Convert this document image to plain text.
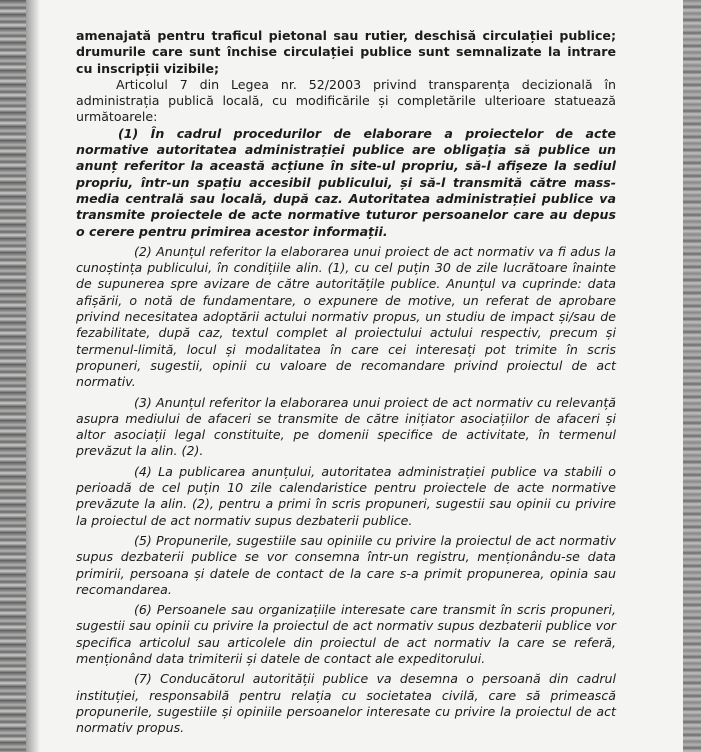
amenajată pentru traficul pietonal sau rutier, deschisă circulației publice; drumurile care sunt închise circulației publice sunt semnalizate la intrare cu inscripții vizibile;

Articolul 7 din Legea nr. 52/2003 privind transparența decizională în administrația publică locală, cu modificările și completările ulterioare statuează următoarele:

(1) În cadrul procedurilor de elaborare a proiectelor de acte normative autoritatea administrației publice are obligația să publice un anunț referitor la această acțiune în site-ul propriu, să-l afișeze la sediul propriu, într-un spațiu accesibil publicului, și să-l transmită către mass-media centrală sau locală, după caz. Autoritatea administrației publice va transmite proiectele de acte normative tuturor persoanelor care au depus o cerere pentru primirea acestor informații.

(2) Anunțul referitor la elaborarea unui proiect de act normativ va fi adus la cunoștința publicului, în condițiile alin. (1), cu cel puțin 30 de zile lucrătoare înainte de supunerea spre avizare de către autoritățile publice. Anunțul va cuprinde: data afișării, o notă de fundamentare, o expunere de motive, un referat de aprobare privind necesitatea adoptării actului normativ propus, un studiu de impact și/sau de fezabilitate, după caz, textul complet al proiectului actului respectiv, precum și termenul-limită, locul și modalitatea în care cei interesați pot trimite în scris propuneri, sugestii, opinii cu valoare de recomandare privind proiectul de act normativ.

(3) Anunțul referitor la elaborarea unui proiect de act normativ cu relevanță asupra mediului de afaceri se transmite de către inițiator asociațiilor de afaceri și altor asociații legal constituite, pe domenii specifice de activitate, în termenul prevăzut la alin. (2).

(4) La publicarea anunțului, autoritatea administrației publice va stabili o perioadă de cel puțin 10 zile calendaristice pentru proiectele de acte normative prevăzute la alin. (2), pentru a primi în scris propuneri, sugestii sau opinii cu privire la proiectul de act normativ supus dezbaterii publice.

(5) Propunerile, sugestiile sau opiniile cu privire la proiectul de act normativ supus dezbaterii publice se vor consemna într-un registru, menționându-se data primirii, persoana și datele de contact de la care s-a primit propunerea, opinia sau recomandarea.

(6) Persoanele sau organizațiile interesate care transmit în scris propuneri, sugestii sau opinii cu privire la proiectul de act normativ supus dezbaterii publice vor specifica articolul sau articolele din proiectul de act normativ la care se referă, menționând data trimiterii și datele de contact ale expeditorului.

(7) Conducătorul autorității publice va desemna o persoană din cadrul instituției, responsabilă pentru relația cu societatea civilă, care să primească propunerile, sugestiile și opiniile persoanelor interesate cu privire la proiectul de act normativ propus.
